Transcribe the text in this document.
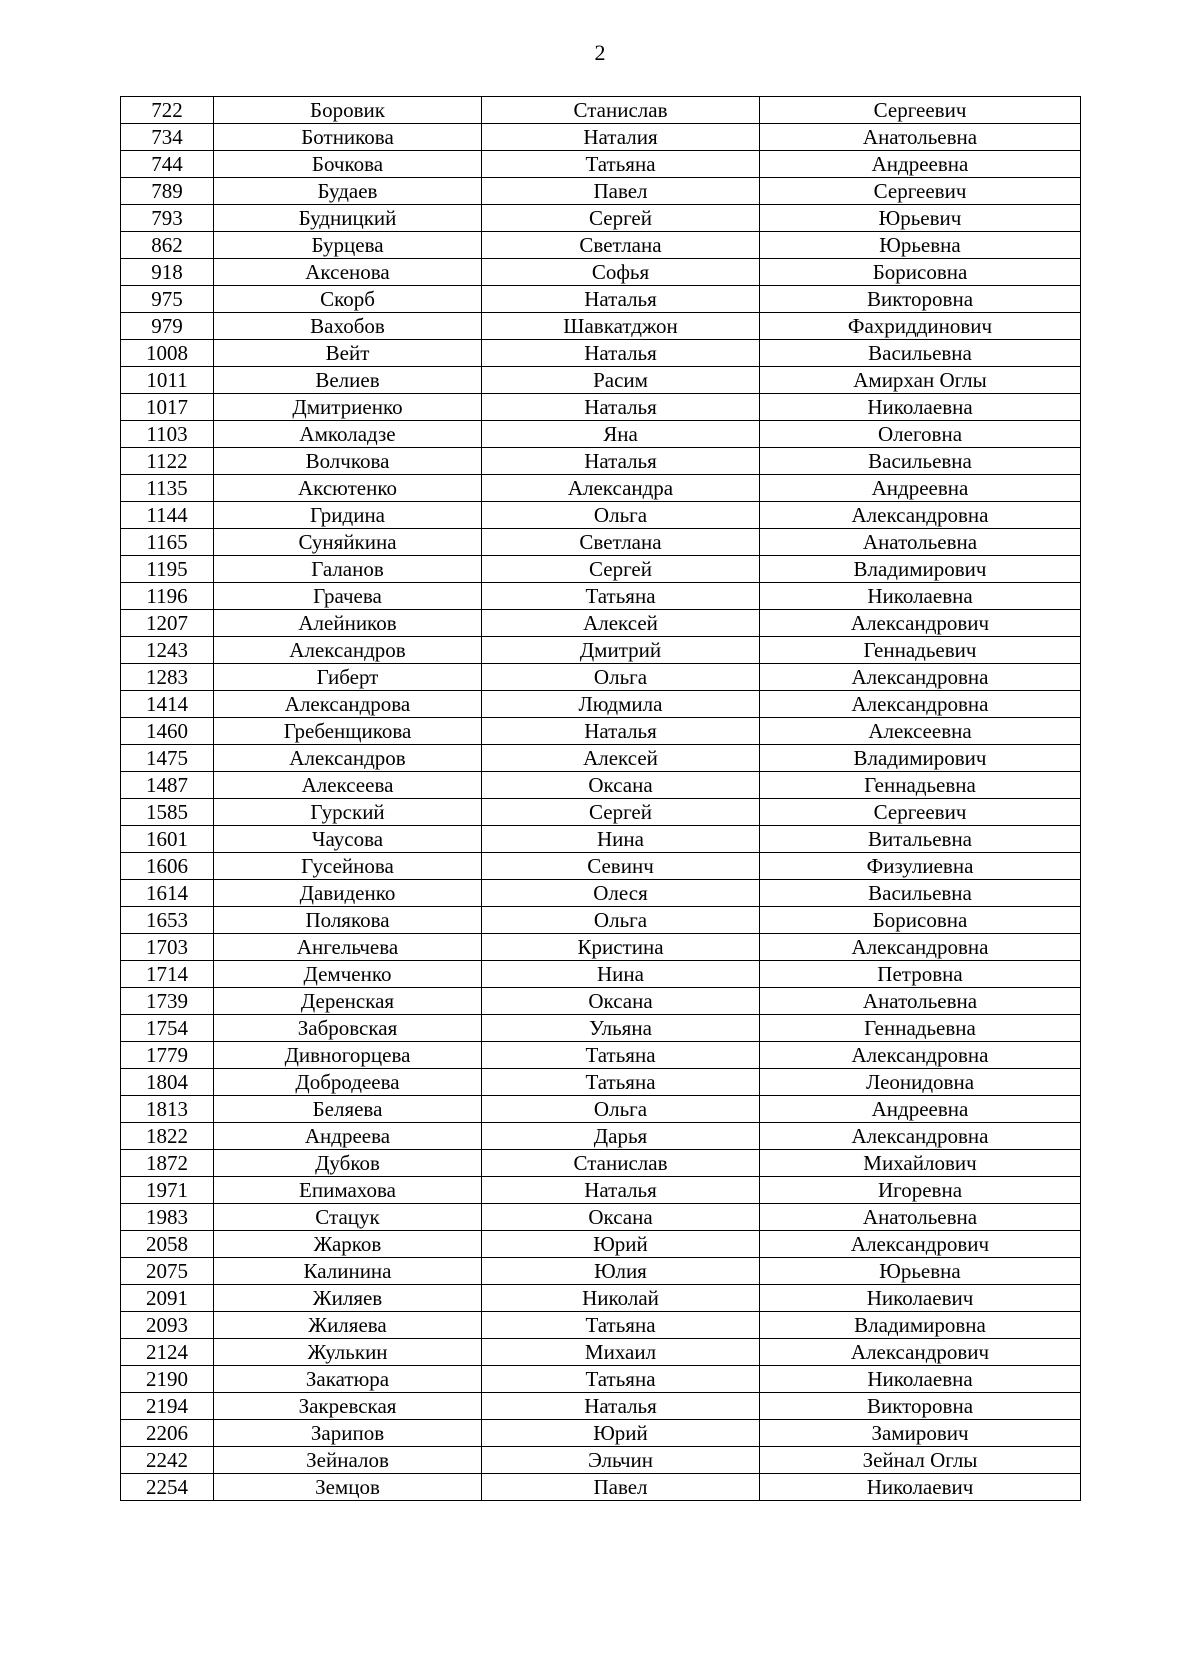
2
722	Боровик	Станислав	Сергеевич
734	Ботникова	Наталия	Анатольевна
744	Бочкова	Татьяна	Андреевна
789	Будаев	Павел	Сергеевич
793	Будницкий	Сергей	Юрьевич
862	Бурцева	Светлана	Юрьевна
918	Аксенова	Софья	Борисовна
975	Скорб	Наталья	Викторовна
979	Вахобов	Шавкатджон	Фахриддинович
1008	Вейт	Наталья	Васильевна
1011	Велиев	Расим	Амирхан Оглы
1017	Дмитриенко	Наталья	Николаевна
1103	Амколадзе	Яна	Олеговна
1122	Волчкова	Наталья	Васильевна
1135	Аксютенко	Александра	Андреевна
1144	Гридина	Ольга	Александровна
1165	Суняйкина	Светлана	Анатольевна
1195	Галанов	Сергей	Владимирович
1196	Грачева	Татьяна	Николаевна
1207	Алейников	Алексей	Александрович
1243	Александров	Дмитрий	Геннадьевич
1283	Гиберт	Ольга	Александровна
1414	Александрова	Людмила	Александровна
1460	Гребенщикова	Наталья	Алексеевна
1475	Александров	Алексей	Владимирович
1487	Алексеева	Оксана	Геннадьевна
1585	Гурский	Сергей	Сергеевич
1601	Чаусова	Нина	Витальевна
1606	Гусейнова	Севинч	Физулиевна
1614	Давиденко	Олеся	Васильевна
1653	Полякова	Ольга	Борисовна
1703	Ангельчева	Кристина	Александровна
1714	Демченко	Нина	Петровна
1739	Деренская	Оксана	Анатольевна
1754	Забровская	Ульяна	Геннадьевна
1779	Дивногорцева	Татьяна	Александровна
1804	Добродеева	Татьяна	Леонидовна
1813	Беляева	Ольга	Андреевна
1822	Андреева	Дарья	Александровна
1872	Дубков	Станислав	Михайлович
1971	Епимахова	Наталья	Игоревна
1983	Стацук	Оксана	Анатольевна
2058	Жарков	Юрий	Александрович
2075	Калинина	Юлия	Юрьевна
2091	Жиляев	Николай	Николаевич
2093	Жиляева	Татьяна	Владимировна
2124	Жулькин	Михаил	Александрович
2190	Закатюра	Татьяна	Николаевна
2194	Закревская	Наталья	Викторовна
2206	Зарипов	Юрий	Замирович
2242	Зейналов	Эльчин	Зейнал Оглы
2254	Земцов	Павел	Николаевич
